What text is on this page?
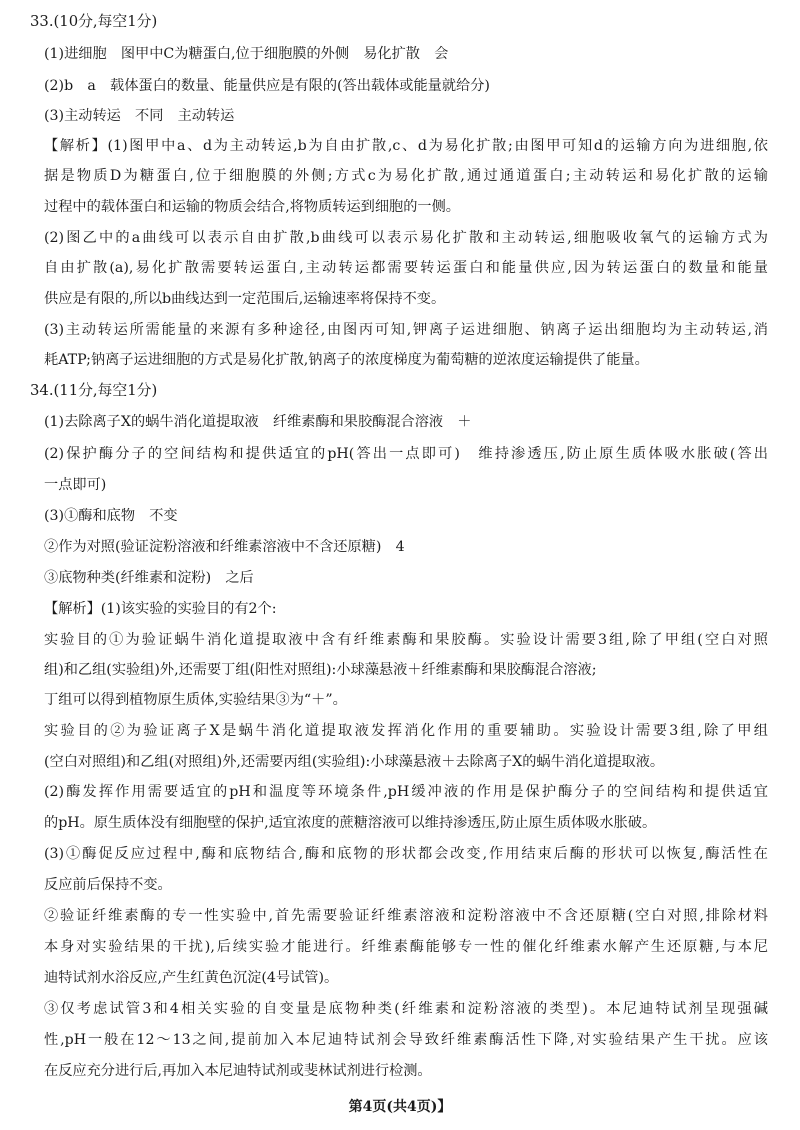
33.(10分,每空1分)
(1)进细胞　图甲中C为糖蛋白,位于细胞膜的外侧　易化扩散　会
(2)b　a　载体蛋白的数量、能量供应是有限的(答出载体或能量就给分)
(3)主动转运　不同　主动转运
【解析】(1)图甲中a、d为主动转运,b为自由扩散,c、d为易化扩散;由图甲可知d的运输方向为进细胞,依
据是物质D为糖蛋白,位于细胞膜的外侧;方式c为易化扩散,通过通道蛋白;主动转运和易化扩散的运输
过程中的载体蛋白和运输的物质会结合,将物质转运到细胞的一侧。
(2)图乙中的a曲线可以表示自由扩散,b曲线可以表示易化扩散和主动转运,细胞吸收氧气的运输方式为
自由扩散(a),易化扩散需要转运蛋白,主动转运都需要转运蛋白和能量供应,因为转运蛋白的数量和能量
供应是有限的,所以b曲线达到一定范围后,运输速率将保持不变。
(3)主动转运所需能量的来源有多种途径,由图丙可知,钾离子运进细胞、钠离子运出细胞均为主动转运,消
耗ATP;钠离子运进细胞的方式是易化扩散,钠离子的浓度梯度为葡萄糖的逆浓度运输提供了能量。
34.(11分,每空1分)
(1)去除离子X的蜗牛消化道提取液　纤维素酶和果胶酶混合溶液　＋
(2)保护酶分子的空间结构和提供适宜的pH(答出一点即可)　维持渗透压,防止原生质体吸水胀破(答出
一点即可)
(3)①酶和底物　不变
②作为对照(验证淀粉溶液和纤维素溶液中不含还原糖)　4
③底物种类(纤维素和淀粉)　之后
【解析】(1)该实验的实验目的有2个:
实验目的①为验证蜗牛消化道提取液中含有纤维素酶和果胶酶。实验设计需要3组,除了甲组(空白对照
组)和乙组(实验组)外,还需要丁组(阳性对照组):小球藻悬液＋纤维素酶和果胶酶混合溶液;
丁组可以得到植物原生质体,实验结果③为“＋”。
实验目的②为验证离子X是蜗牛消化道提取液发挥消化作用的重要辅助。实验设计需要3组,除了甲组
(空白对照组)和乙组(对照组)外,还需要丙组(实验组):小球藻悬液＋去除离子X的蜗牛消化道提取液。
(2)酶发挥作用需要适宜的pH和温度等环境条件,pH缓冲液的作用是保护酶分子的空间结构和提供适宜
的pH。原生质体没有细胞壁的保护,适宜浓度的蔗糖溶液可以维持渗透压,防止原生质体吸水胀破。
(3)①酶促反应过程中,酶和底物结合,酶和底物的形状都会改变,作用结束后酶的形状可以恢复,酶活性在
反应前后保持不变。
②验证纤维素酶的专一性实验中,首先需要验证纤维素溶液和淀粉溶液中不含还原糖(空白对照,排除材料
本身对实验结果的干扰),后续实验才能进行。纤维素酶能够专一性的催化纤维素水解产生还原糖,与本尼
迪特试剂水浴反应,产生红黄色沉淀(4号试管)。
③仅考虑试管3和4相关实验的自变量是底物种类(纤维素和淀粉溶液的类型)。本尼迪特试剂呈现强碱
性,pH一般在12～13之间,提前加入本尼迪特试剂会导致纤维素酶活性下降,对实验结果产生干扰。应该
在反应充分进行后,再加入本尼迪特试剂或斐林试剂进行检测。
第4页(共4页)】
